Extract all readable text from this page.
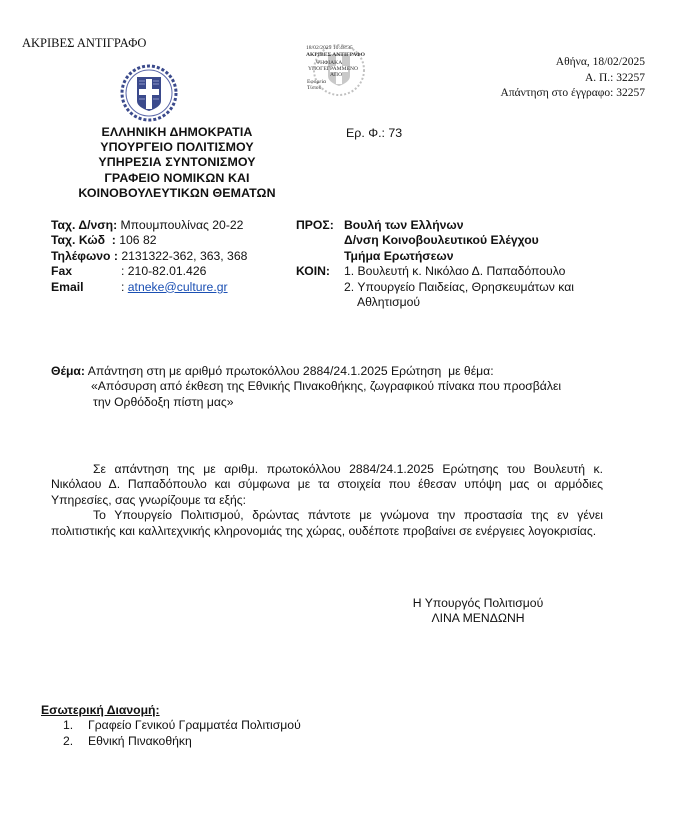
ΑΚΡΙΒΕΣ ΑΝΤΙΓΡΑΦΟ	18/02/2025 10:48:35
ΑΚΡΙΒΕΣ ΑΝΤΙΓΡΑΦΟ
ΨΗΦΙΑΚΑ
ΥΠΟΓΕΓΡΑΜΜΕΝΟ
ΑΠΟ
Εφορεία
Τύπου
Αθήνα, 18/02/2025
Α. Π.: 32257
Απάντηση στο έγγραφο: 32257
ΕΛΛΗΝΙΚΗ ΔΗΜΟΚΡΑΤΙΑ
ΥΠΟΥΡΓΕΙΟ ΠΟΛΙΤΙΣΜΟΥ
ΥΠΗΡΕΣΙΑ ΣΥΝΤΟΝΙΣΜΟΥ
ΓΡΑΦΕΙΟ ΝΟΜΙΚΩΝ ΚΑΙ
ΚΟΙΝΟΒΟΥΛΕΥΤΙΚΩΝ ΘΕΜΑΤΩΝ
Ερ. Φ.: 73
Ταχ. Δ/νση: Μπουμπουλίνας 20-22
Ταχ. Κώδ  : 106 82
Τηλέφωνο : 2131322-362, 363, 368
Fax	: 210-82.01.426
Email	: atneke@culture.gr
ΠΡΟΣ: Βουλή των Ελλήνων
Δ/νση Κοινοβουλευτικού Ελέγχου
Τμήμα Ερωτήσεων
ΚΟΙΝ:	1. Βουλευτή κ. Νικόλαο Δ. Παπαδόπουλο
2. Υπουργείο Παιδείας, Θρησκευμάτων και
Αθλητισμού
Θέμα: Απάντηση στη με αριθμό πρωτοκόλλου 2884/24.1.2025 Ερώτηση  με θέμα:
«Απόσυρση από έκθεση της Εθνικής Πινακοθήκης, ζωγραφικού πίνακα που προσβάλει
την Ορθόδοξη πίστη μας»

Σε απάντηση της με αριθμ. πρωτοκόλλου 2884/24.1.2025 Ερώτησης του Βουλευτή κ. Νικόλαου Δ. Παπαδόπουλο και σύμφωνα με τα στοιχεία που έθεσαν υπόψη μας οι αρμόδιες Υπηρεσίες, σας γνωρίζουμε τα εξής:

Το Υπουργείο Πολιτισμού, δρώντας πάντοτε με γνώμονα την προστασία της εν γένει πολιτιστικής και καλλιτεχνικής κληρονομιάς της χώρας, ουδέποτε προβαίνει σε ενέργειες λογοκρισίας.

Η Υπουργός Πολιτισμού
ΛΙΝΑ ΜΕΝΔΩΝΗ
Εσωτερική Διανομή:
1.	Γραφείο Γενικού Γραμματέα Πολιτισμού
2.	Εθνική Πινακοθήκη
